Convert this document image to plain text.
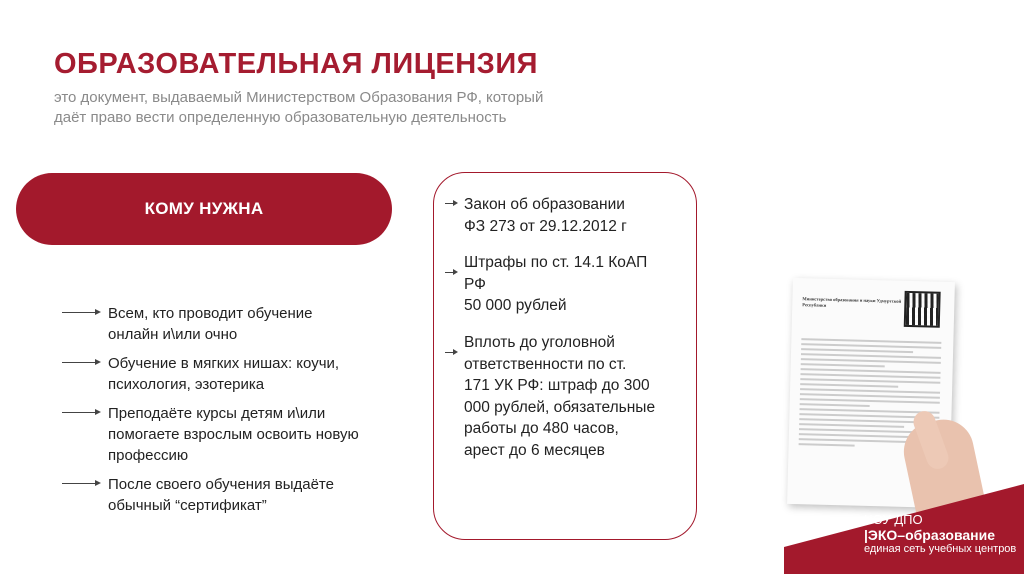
ОБРАЗОВАТЕЛЬНАЯ ЛИЦЕНЗИЯ
это документ, выдаваемый Министерством Образования РФ, который
даёт право вести определенную образовательную деятельность
КОМУ НУЖНА
Всем, кто проводит обучение
онлайн и\или очно
Обучение в мягких нишах: коучи,
психология, эзотерика
Преподаёте курсы детям и\или
помогаете взрослым освоить новую
профессию
После своего обучения выдаёте
обычный “сертификат”
Закон об образовании
ФЗ 273 от 29.12.2012 г
Штрафы по ст. 14.1 КоАП
РФ
50 000 рублей
Вплоть до уголовной
ответственности по ст.
171 УК РФ: штраф до 300
000 рублей, обязательные
работы до 480 часов,
арест до 6 месяцев
Министерство образования и науки Удмуртской Республики
ЧОУ ДПО
|ЭКО–образование
единая сеть учебных центров
